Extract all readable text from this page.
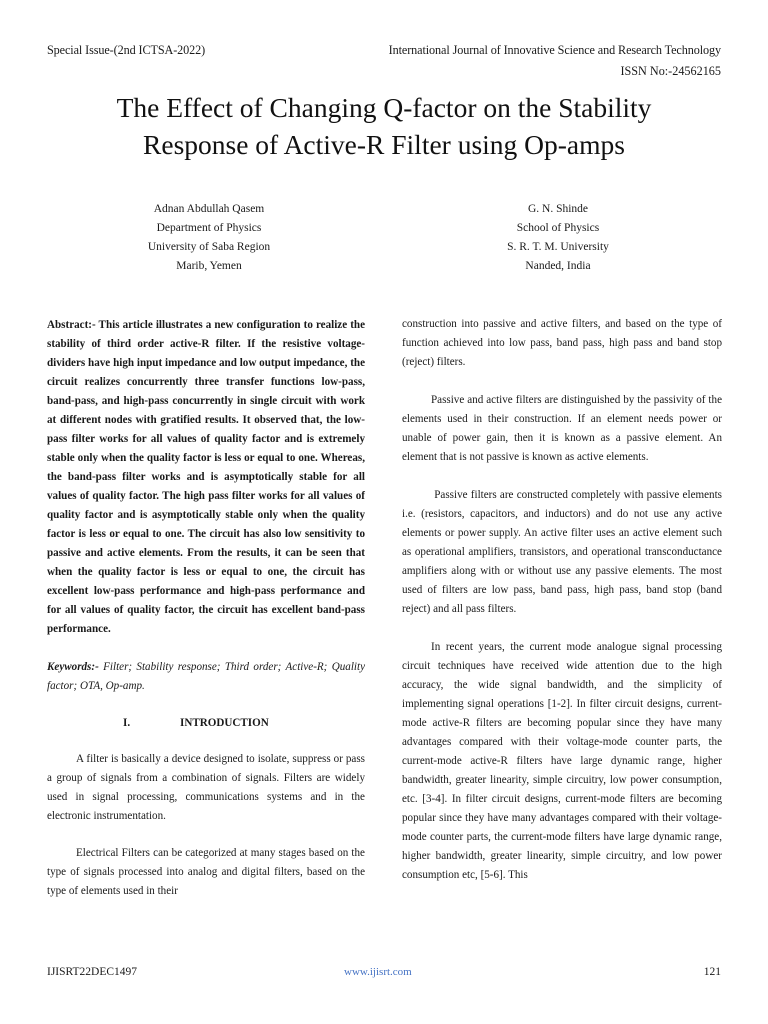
Special Issue-(2nd ICTSA-2022)	International Journal of Innovative Science and Research Technology
ISSN No:-24562165
The Effect of Changing Q-factor on the Stability
Response of Active-R Filter using Op-amps
Adnan Abdullah Qasem
Department of Physics
University of Saba Region
Marib, Yemen
G. N. Shinde
School of Physics
S. R. T. M. University
Nanded, India

Abstract:- This article illustrates a new configuration to realize the stability of third order active-R filter. If the resistive voltage-dividers have high input impedance and low output impedance, the circuit realizes concurrently three transfer functions low-pass, band-pass, and high-pass concurrently in single circuit with work at different nodes with gratified results. It observed that, the low-pass filter works for all values of quality factor and is extremely stable only when the quality factor is less or equal to one. Whereas, the band-pass filter works and is asymptotically stable for all values of quality factor. The high pass filter works for all values of quality factor and is asymptotically stable only when the quality factor is less or equal to one. The circuit has also low sensitivity to passive and active elements. From the results, it can be seen that when the quality factor is less or equal to one, the circuit has excellent low-pass performance and high-pass performance and for all values of quality factor, the circuit has excellent band-pass performance.

Keywords:- Filter; Stability response; Third order; Active-R; Quality factor; OTA, Op-amp.

I.	INTRODUCTION

A filter is basically a device designed to isolate, suppress or pass a group of signals from a combination of signals. Filters are widely used in signal processing, communications systems and in the electronic instrumentation.

Electrical Filters can be categorized at many stages based on the type of signals processed into analog and digital filters, based on the type of elements used in their

construction into passive and active filters, and based on the type of function achieved into low pass, band pass, high pass and band stop (reject) filters.

Passive and active filters are distinguished by the passivity of the elements used in their construction. If an element needs power or unable of power gain, then it is known as a passive element. An element that is not passive is known as active elements.

Passive filters are constructed completely with passive elements i.e. (resistors, capacitors, and inductors) and do not use any active elements or power supply. An active filter uses an active element such as operational amplifiers, transistors, and operational transconductance amplifiers along with or without use any passive elements. The most used of filters are low pass, band pass, high pass, band stop (band reject) and all pass filters.

In recent years, the current mode analogue signal processing circuit techniques have received wide attention due to the high accuracy, the wide signal bandwidth, and the simplicity of implementing signal operations [1-2]. In filter circuit designs, current-mode active-R filters are becoming popular since they have many advantages compared with their voltage-mode counter parts, the current-mode active-R filters have large dynamic range, higher bandwidth, greater linearity, simple circuitry, low power consumption, etc. [3-4]. In filter circuit designs, current-mode filters are becoming popular since they have many advantages compared with their voltage-mode counter parts, the current-mode filters have large dynamic range, higher bandwidth, greater linearity, simple circuitry, and low power consumption etc, [5-6]. This

IJISRT22DEC1497	www.ijisrt.com	121
